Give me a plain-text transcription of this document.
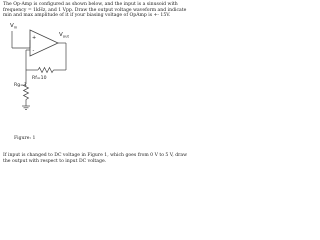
The Op-Amp is configured as shown below, and the input is a sinusoid with frequency = 1kHz, and 1 Vpp. Draw the output voltage waveform and indicate min and max amplitude of it if your biasing voltage of OpAmp is +- 15V.

$V_{in}$
+
-
$V_{out}$
Rf=10
Rg=1
Figure: 1

If input is changed to DC voltage in Figure 1, which goes from 0 V to 5 V, draw the output with respect to input DC voltage.
